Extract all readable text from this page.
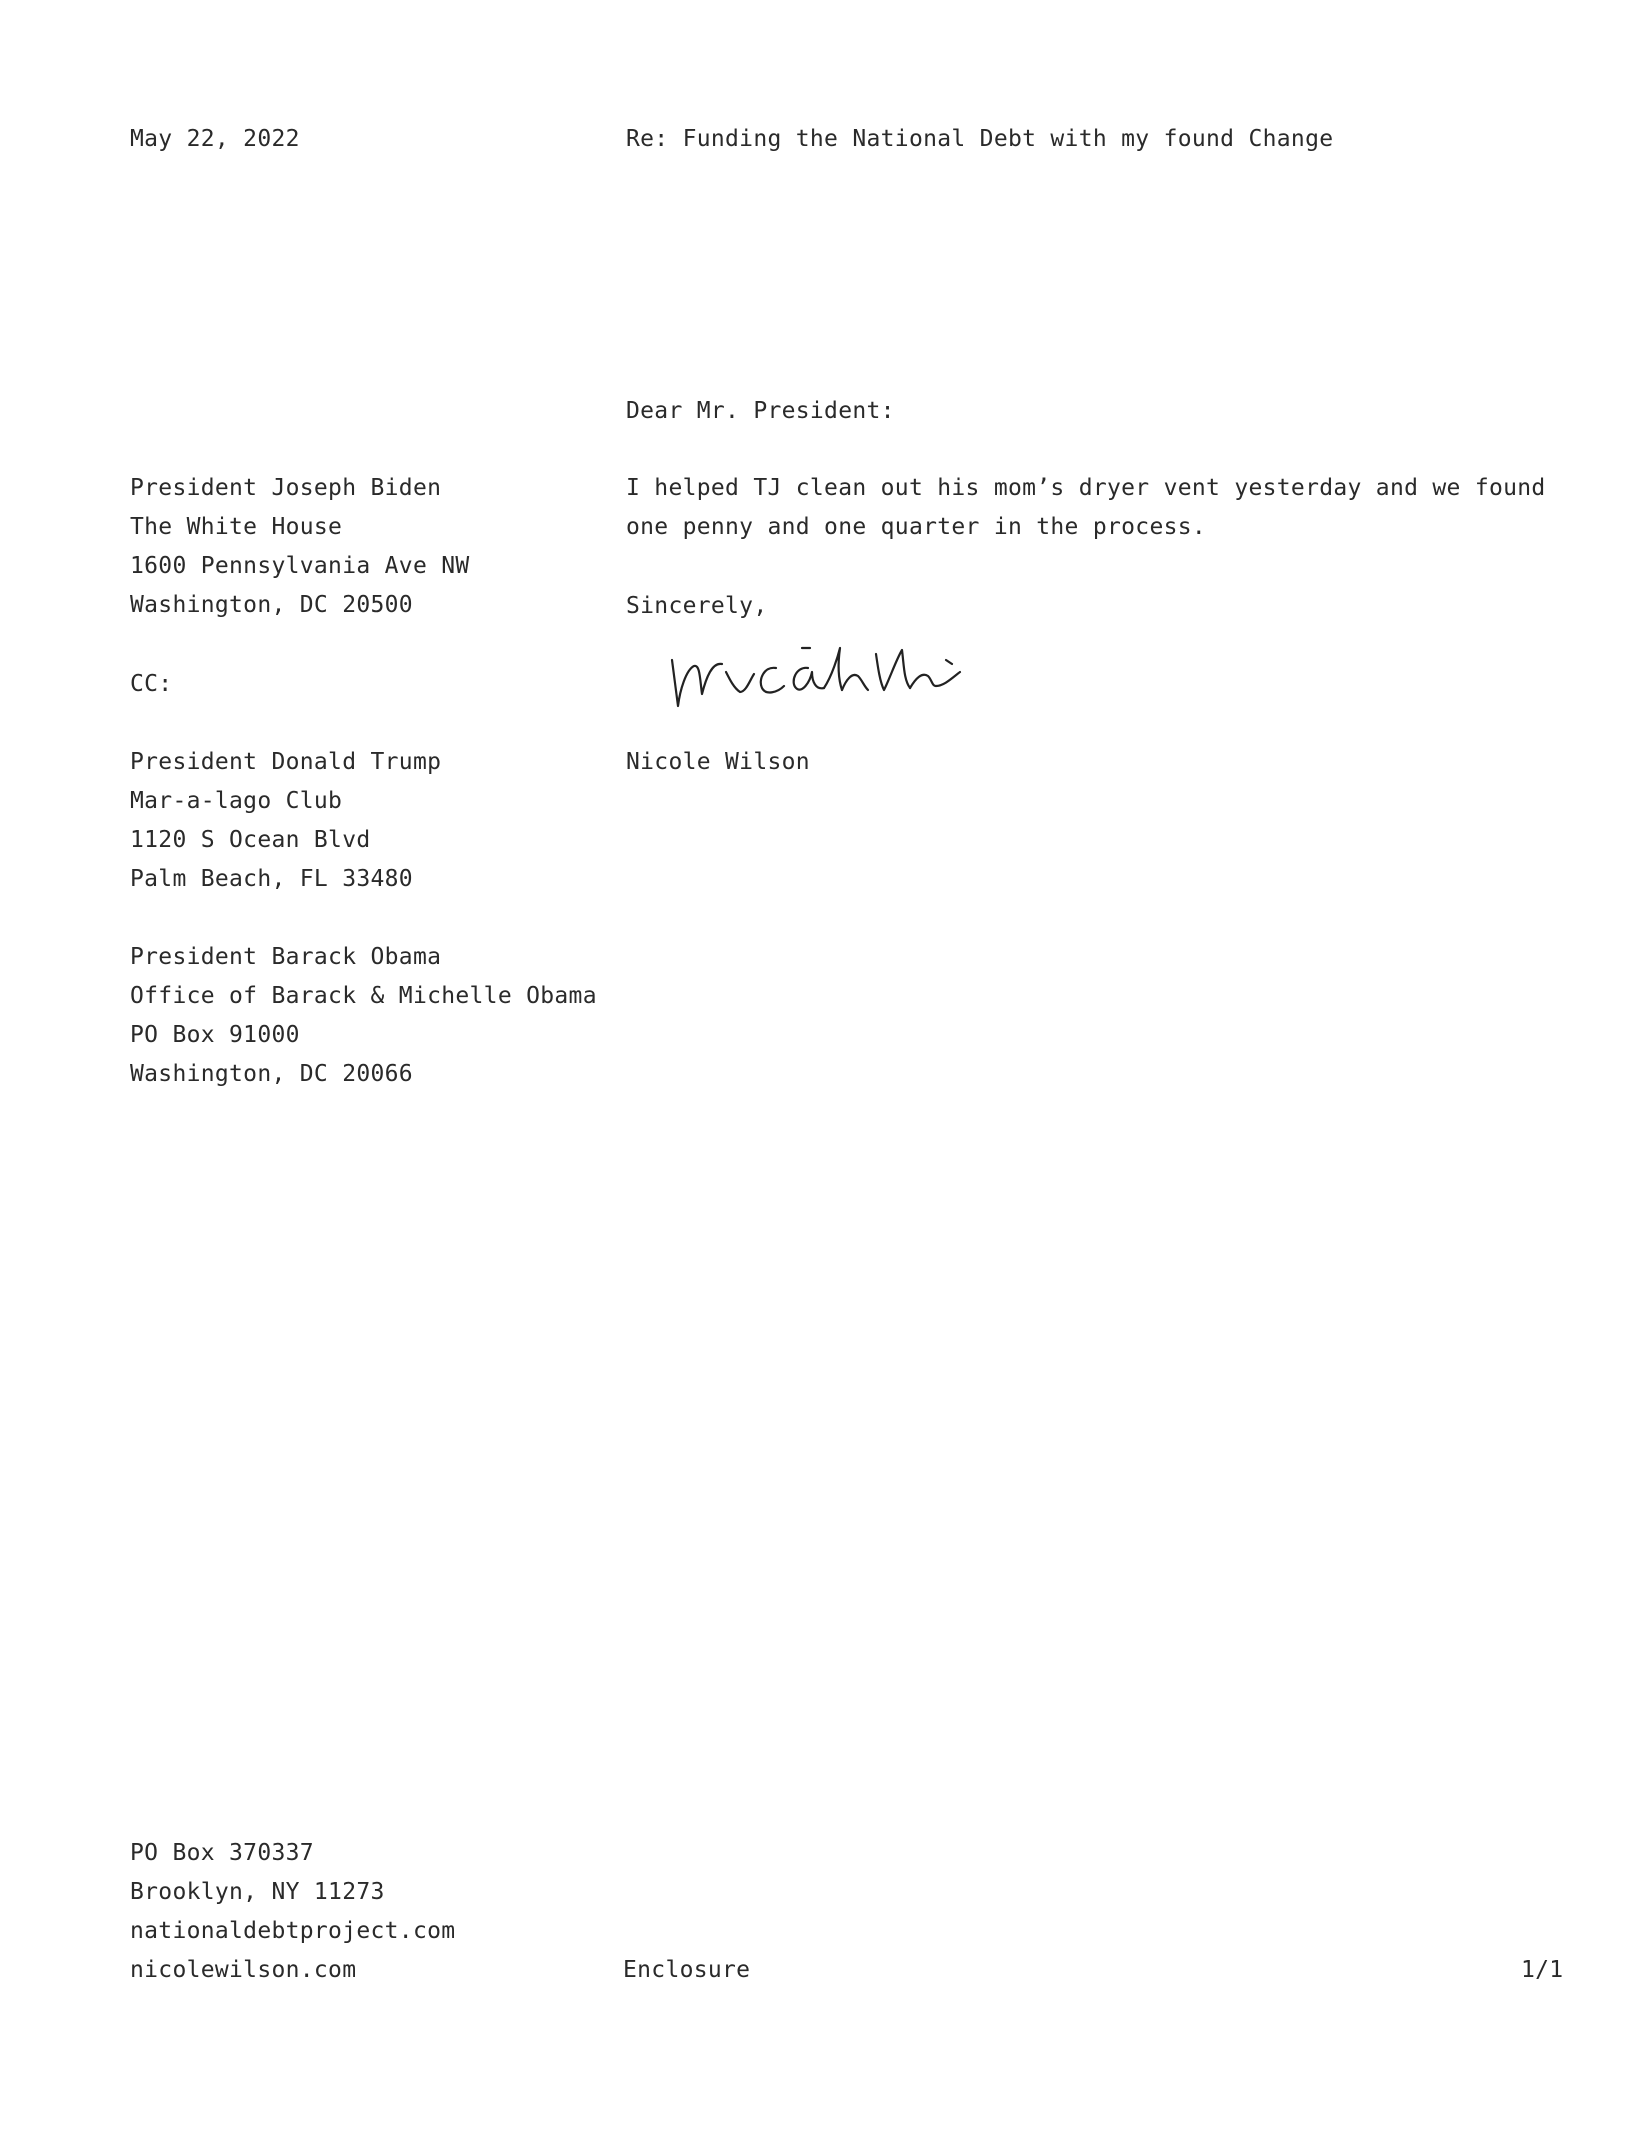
May 22, 2022	Re: Funding the National Debt with my found Change
Dear Mr. President:
President Joseph Biden
The White House
1600 Pennsylvania Ave NW
Washington, DC 20500
I helped TJ clean out his mom’s dryer vent yesterday and we found
one penny and one quarter in the process.
Sincerely,
Nicole Wilson
CC:
President Donald Trump
Mar-a-lago Club
1120 S Ocean Blvd
Palm Beach, FL 33480
President Barack Obama
Office of Barack & Michelle Obama
PO Box 91000
Washington, DC 20066
PO Box 370337
Brooklyn, NY 11273
nationaldebtproject.com
nicolewilson.com	Enclosure	1/1
